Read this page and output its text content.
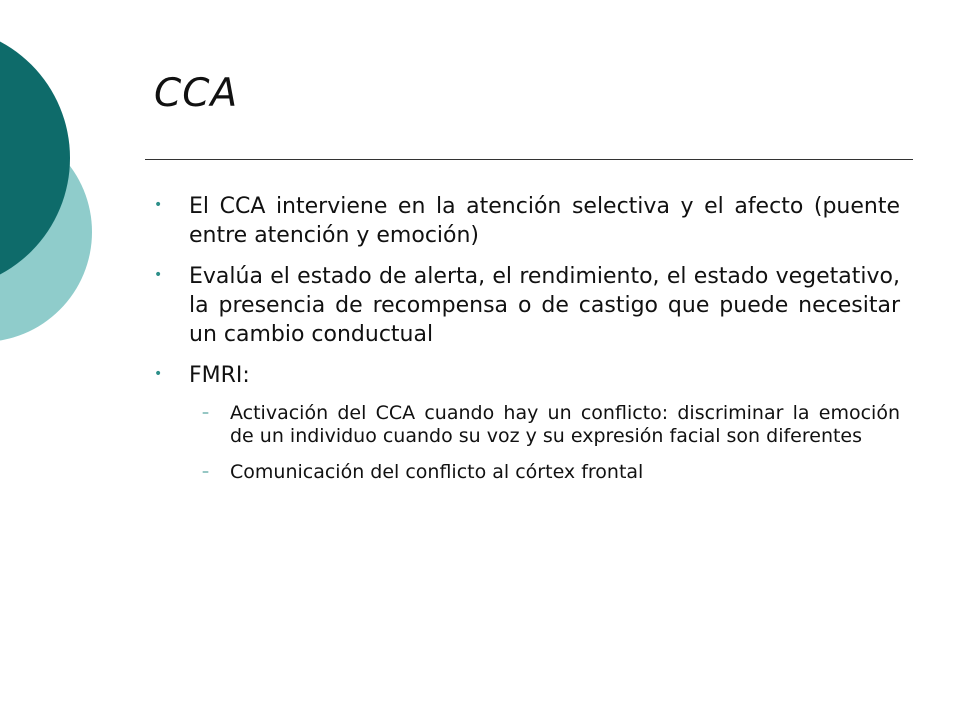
CCA
• El CCA interviene en la atención selectiva y el afecto (puente entre atención y emoción)
• Evalúa el estado de alerta, el rendimiento, el estado vegetativo, la presencia de recompensa o de castigo que puede necesitar un cambio conductual
• FMRI:
– Activación del CCA cuando hay un conflicto: discriminar la emoción de un individuo cuando su voz y su expresión facial son diferentes
– Comunicación del conflicto al córtex frontal
